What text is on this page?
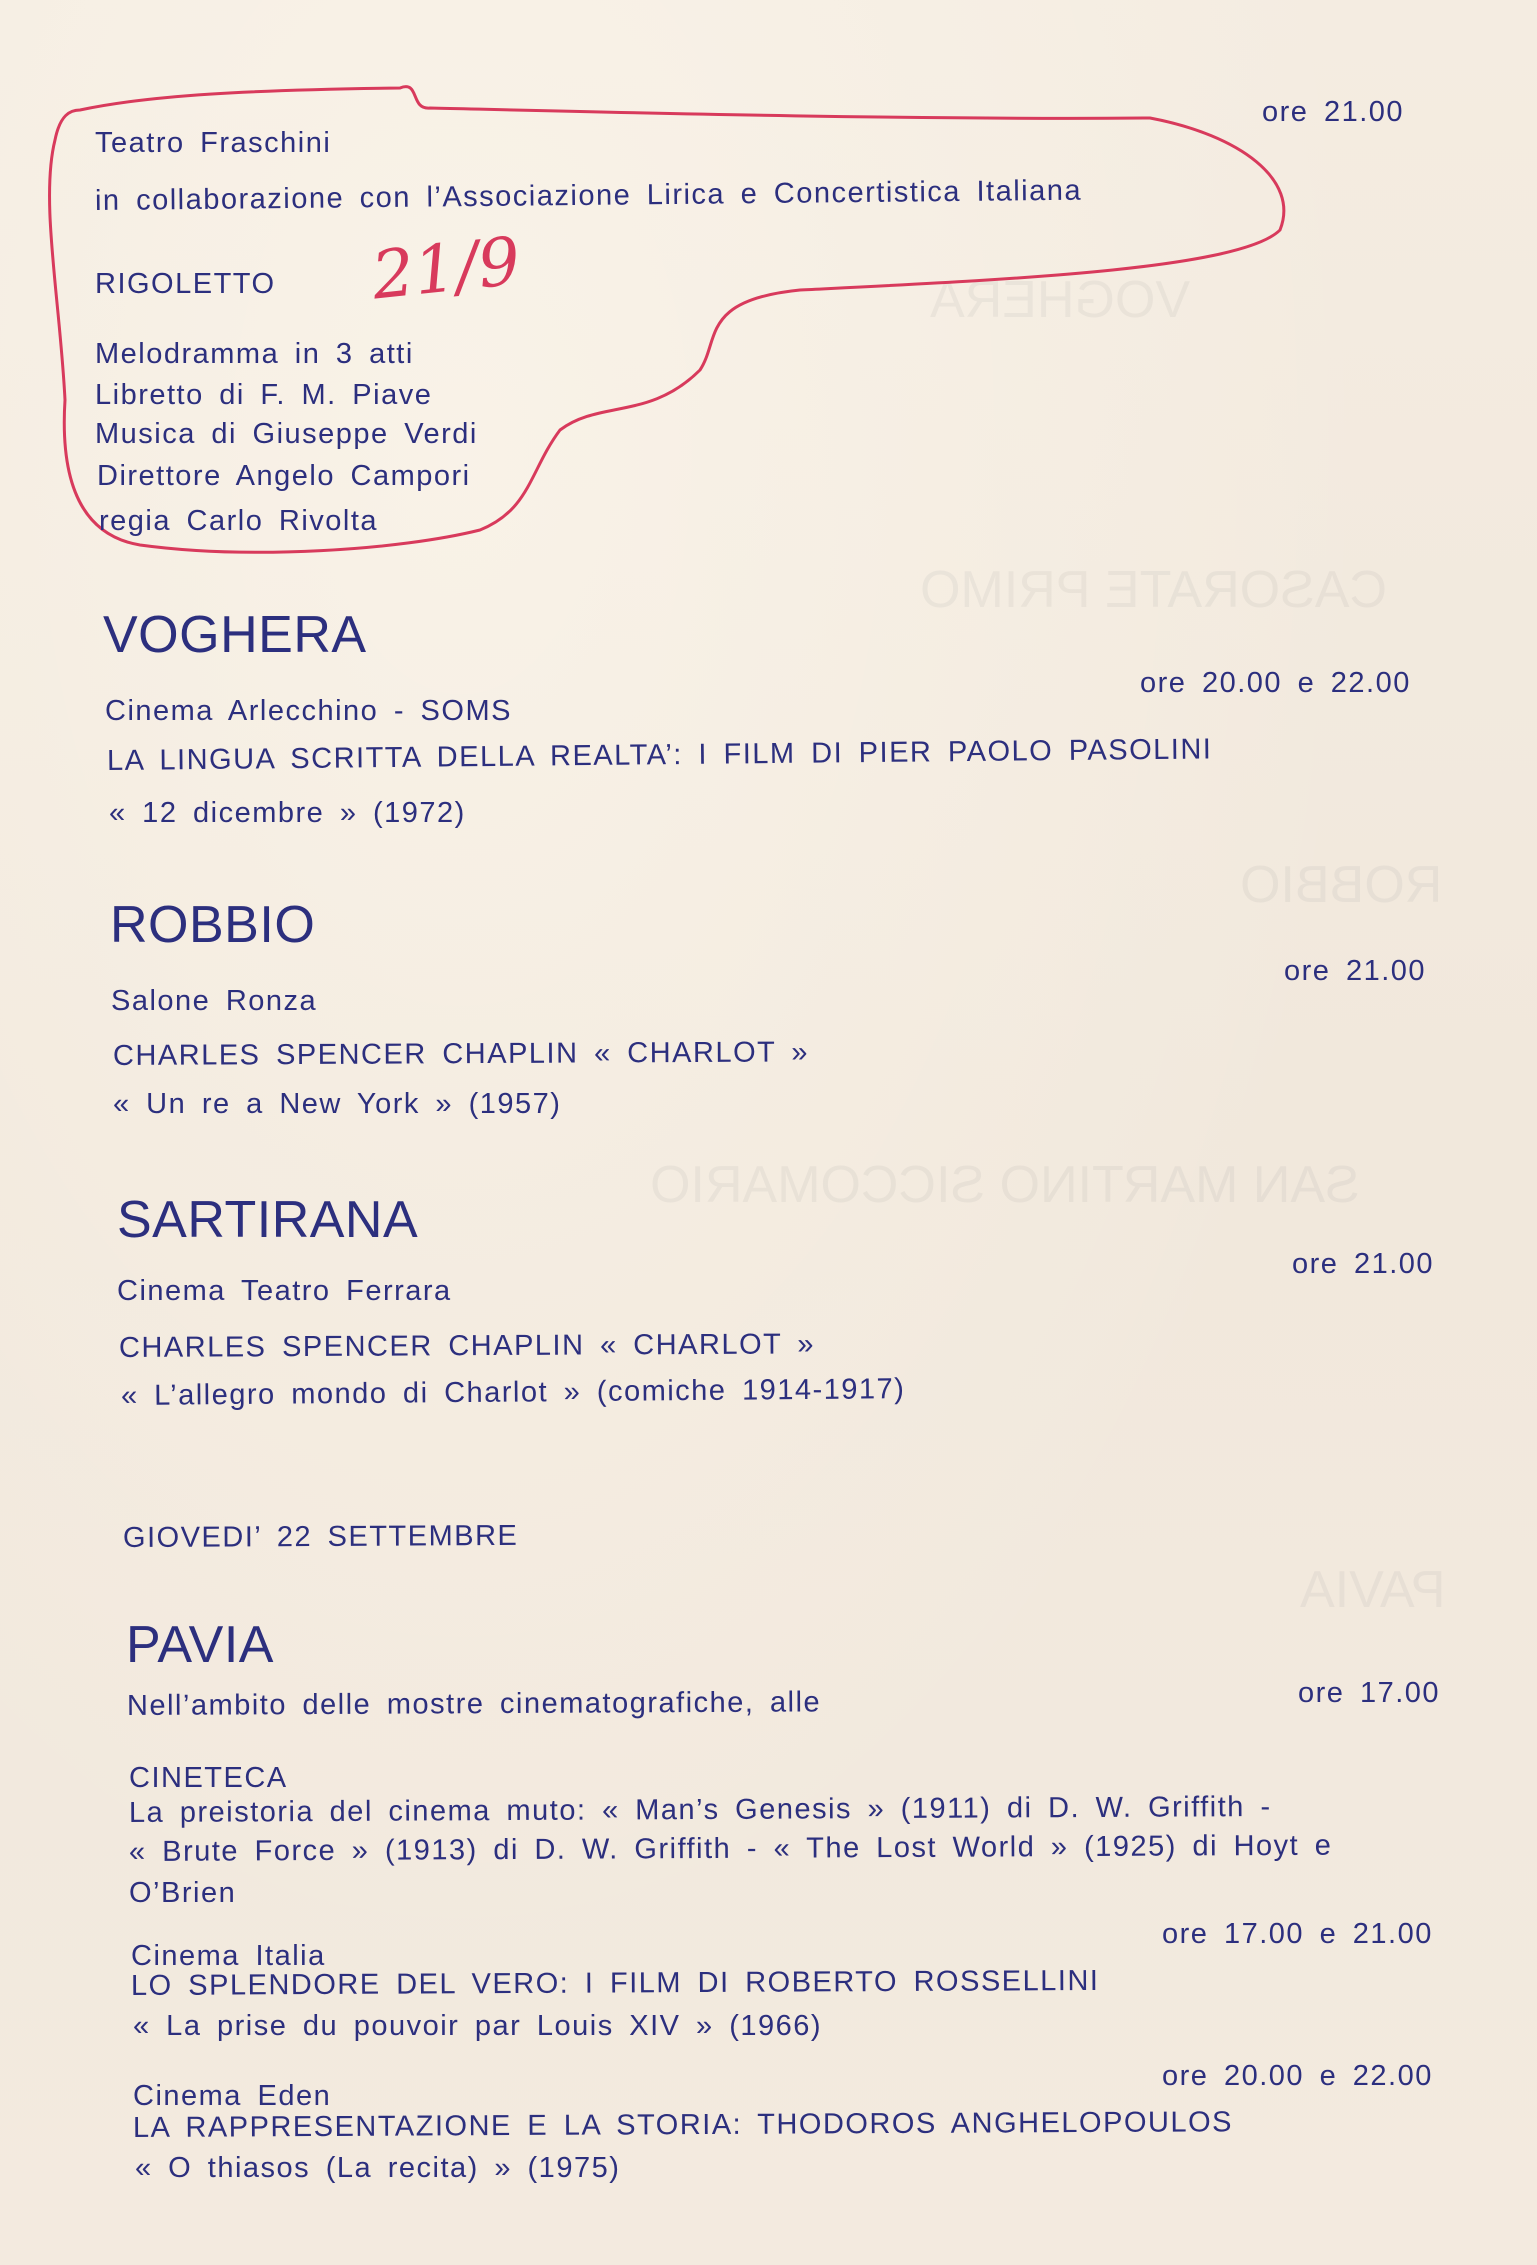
VOGHERA
CASORATE PRIMO
ROBBIO
SAN MARTINO SICCOMARIO
PAVIA
ore 21.00
Teatro Fraschini
in collaborazione con l’Associazione Lirica e Concertistica Italiana
RIGOLETTO 21/9
Melodramma in 3 atti
Libretto di F. M. Piave
Musica di Giuseppe Verdi
Direttore Angelo Campori
regia Carlo Rivolta
VOGHERA
ore 20.00 e 22.00
Cinema Arlecchino - SOMS
LA LINGUA SCRITTA DELLA REALTA’: I FILM DI PIER PAOLO PASOLINI
« 12 dicembre » (1972)
ROBBIO
ore 21.00
Salone Ronza
CHARLES SPENCER CHAPLIN « CHARLOT »
« Un re a New York » (1957)
SARTIRANA
ore 21.00
Cinema Teatro Ferrara
CHARLES SPENCER CHAPLIN « CHARLOT »
« L’allegro mondo di Charlot » (comiche 1914-1917)
GIOVEDI’ 22 SETTEMBRE
PAVIA
Nell’ambito delle mostre cinematografiche, alle	ore 17.00
CINETECA
La preistoria del cinema muto: « Man’s Genesis » (1911) di D. W. Griffith -
« Brute Force » (1913) di D. W. Griffith - « The Lost World » (1925) di Hoyt e
O’Brien
ore 17.00 e 21.00
Cinema Italia
LO SPLENDORE DEL VERO: I FILM DI ROBERTO ROSSELLINI
« La prise du pouvoir par Louis XIV » (1966)
ore 20.00 e 22.00
Cinema Eden
LA RAPPRESENTAZIONE E LA STORIA: THODOROS ANGHELOPOULOS
« O thiasos (La recita) » (1975)
